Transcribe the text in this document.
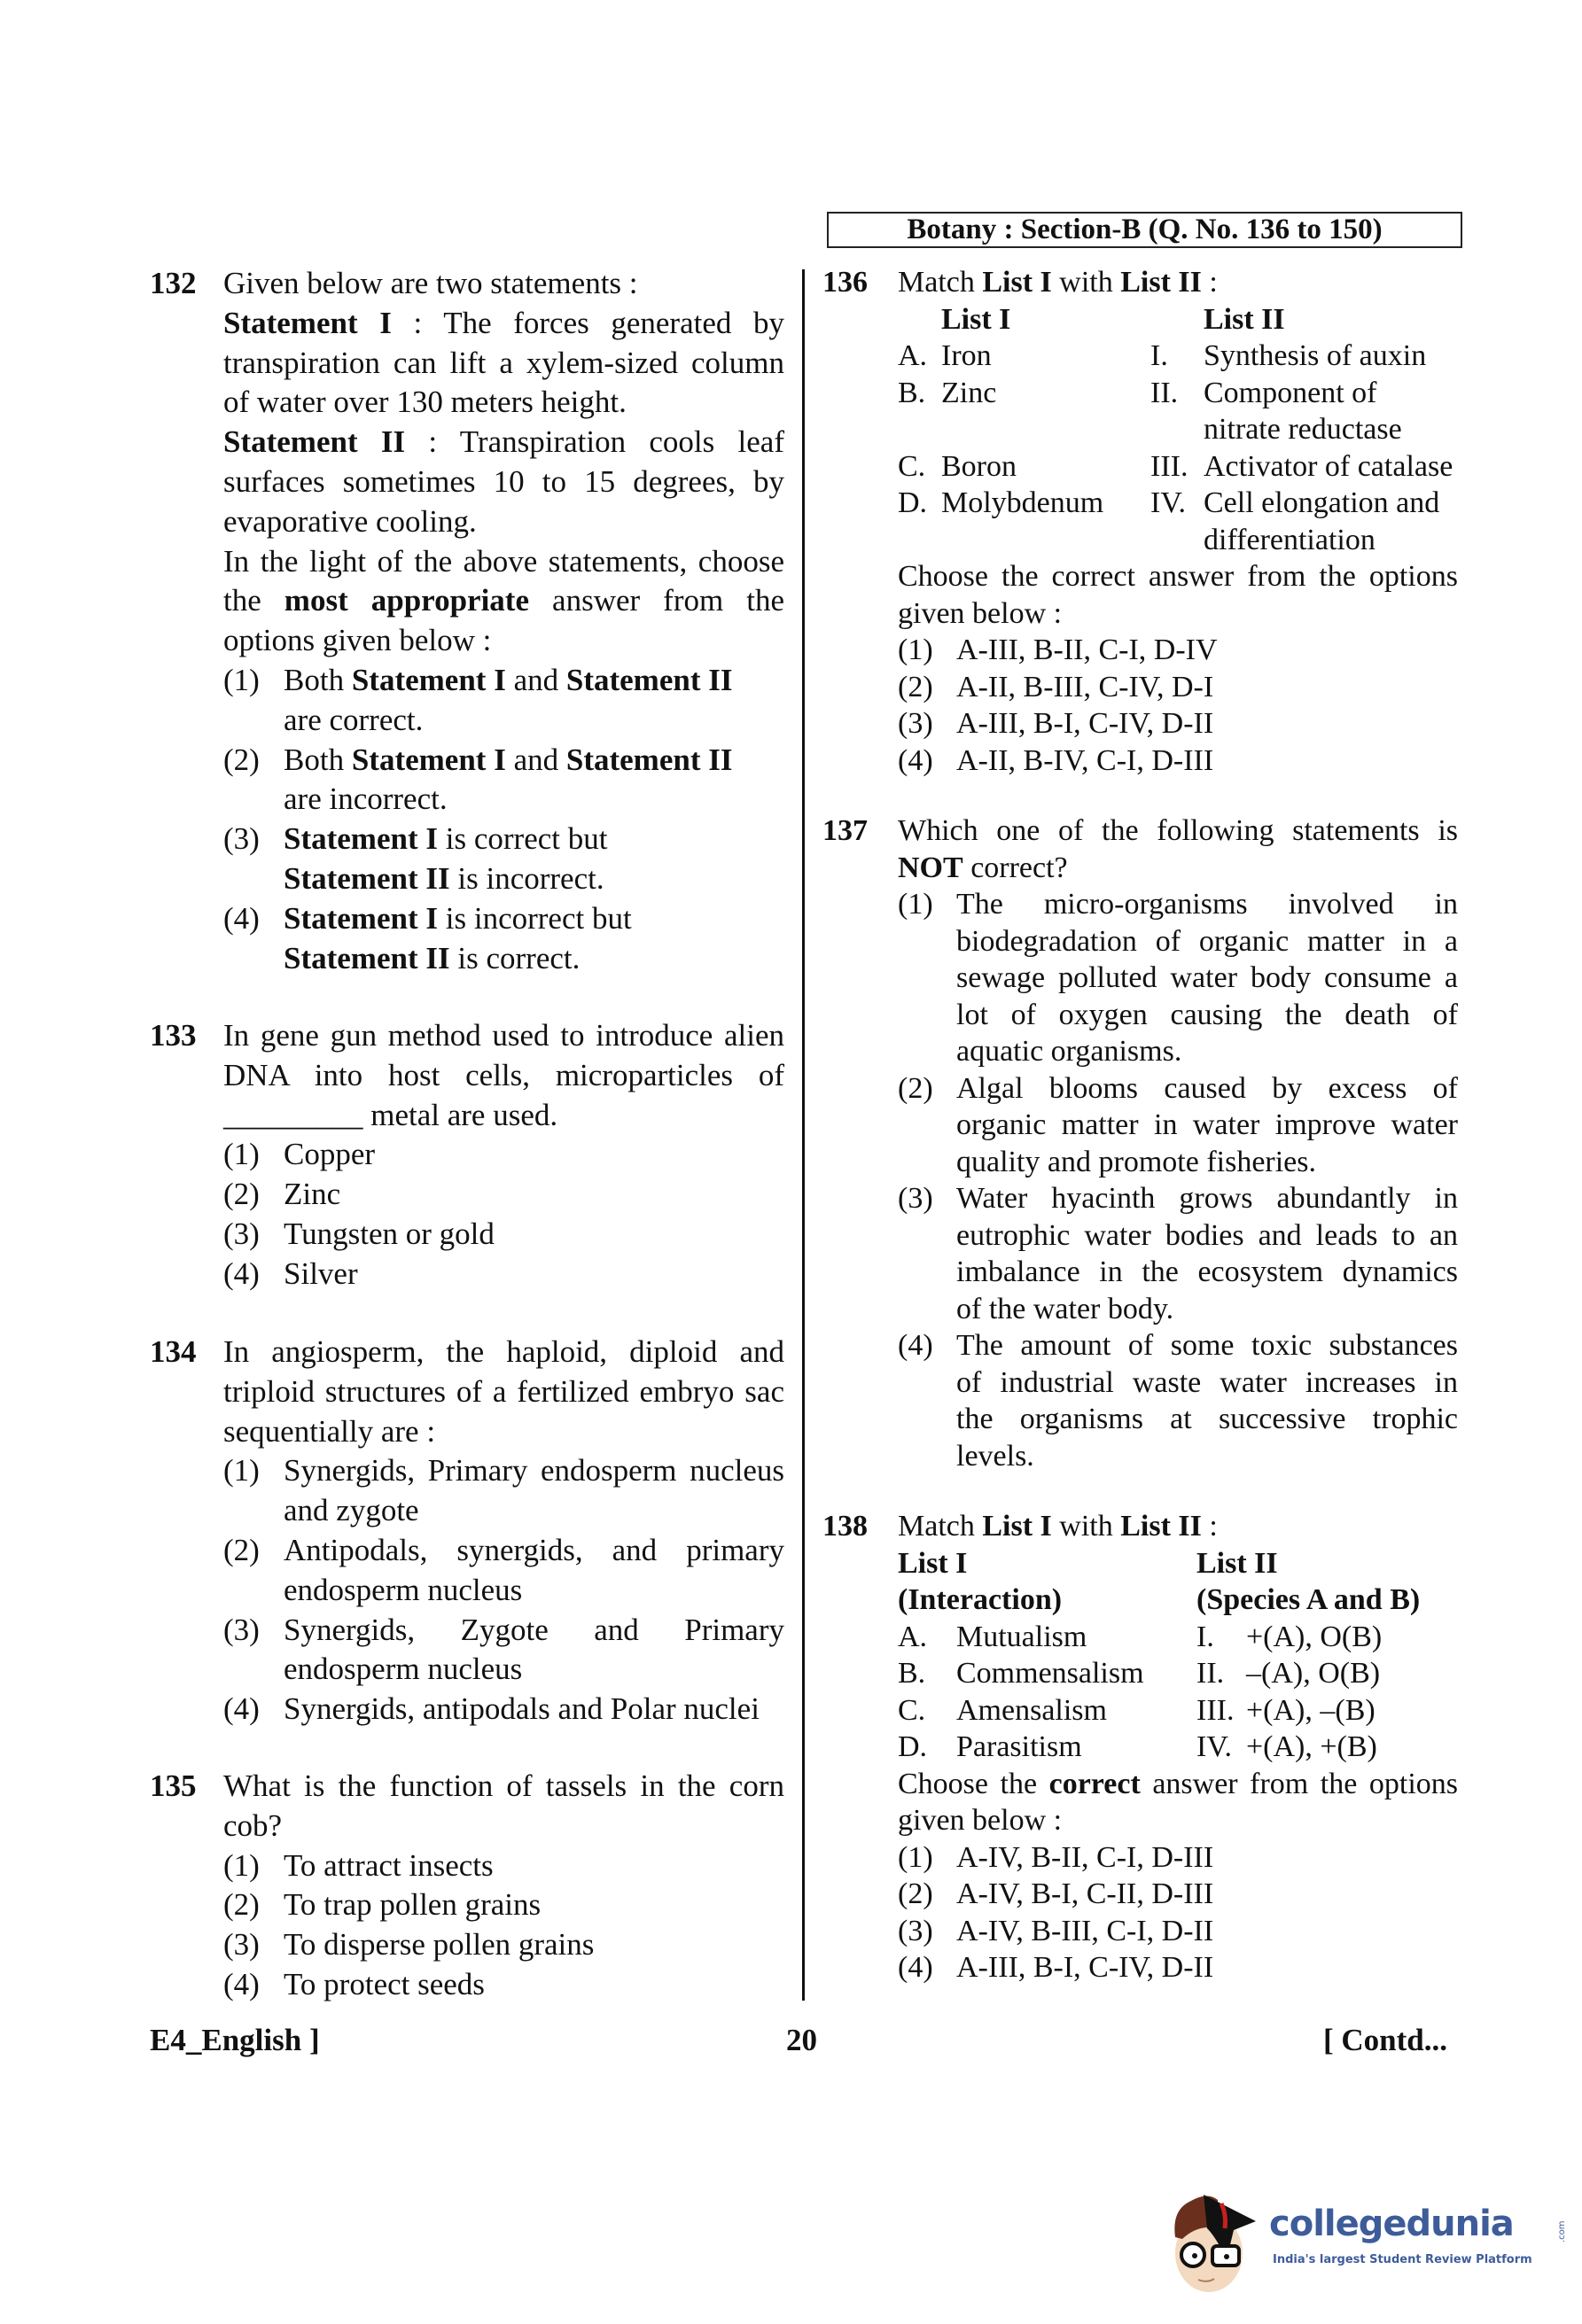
Botany : Section-B (Q. No. 136 to 150)
132 Given below are two statements :
Statement I : The forces generated by
transpiration can lift a xylem-sized column
of water over 130 meters height.
Statement II : Transpiration cools leaf
surfaces sometimes 10 to 15 degrees, by
evaporative cooling.
In the light of the above statements, choose
the most appropriate answer from the
options given below :
(1) Both Statement I and Statement II
are correct.
(2) Both Statement I and Statement II
are incorrect.
(3) Statement I is correct but
Statement II is incorrect.
(4) Statement I is incorrect but
Statement II is correct.
133 In gene gun method used to introduce alien
DNA into host cells, microparticles of
_________ metal are used.
(1) Copper
(2) Zinc
(3) Tungsten or gold
(4) Silver
134 In angiosperm, the haploid, diploid and
triploid structures of a fertilized embryo sac
sequentially are :
(1) Synergids, Primary endosperm nucleus
and zygote
(2) Antipodals, synergids, and primary
endosperm nucleus
(3) Synergids, Zygote and Primary
endosperm nucleus
(4) Synergids, antipodals and Polar nuclei
135 What is the function of tassels in the corn
cob?
(1) To attract insects
(2) To trap pollen grains
(3) To disperse pollen grains
(4) To protect seeds
136 Match List I with List II :
List I	List II
A. Iron	I. Synthesis of auxin
B. Zinc	II. Component of
nitrate reductase
C. Boron	III. Activator of catalase
D. Molybdenum IV. Cell elongation and
differentiation
Choose the correct answer from the options
given below :
(1) A-III, B-II, C-I, D-IV
(2) A-II, B-III, C-IV, D-I
(3) A-III, B-I, C-IV, D-II
(4) A-II, B-IV, C-I, D-III
137 Which one of the following statements is
NOT correct?
(1) The micro-organisms involved in
biodegradation of organic matter in a
sewage polluted water body consume a
lot of oxygen causing the death of
aquatic organisms.
(2) Algal blooms caused by excess of
organic matter in water improve water
quality and promote fisheries.
(3) Water hyacinth grows abundantly in
eutrophic water bodies and leads to an
imbalance in the ecosystem dynamics
of the water body.
(4) The amount of some toxic substances
of industrial waste water increases in
the organisms at successive trophic
levels.
138 Match List I with List II :
List I
(Interaction)
List II
(Species A and B)
A. Mutualism	I. +(A), O(B)
B. Commensalism II. –(A), O(B)
C. Amensalism	III. +(A), –(B)
D. Parasitism	IV. +(A), +(B)
Choose the correct answer from the options
given below :
(1) A-IV, B-II, C-I, D-III
(2) A-IV, B-I, C-II, D-III
(3) A-IV, B-III, C-I, D-II
(4) A-III, B-I, C-IV, D-II
E4_English ]	20	[ Contd...
collegedunia	.com
India's largest Student Review Platform
